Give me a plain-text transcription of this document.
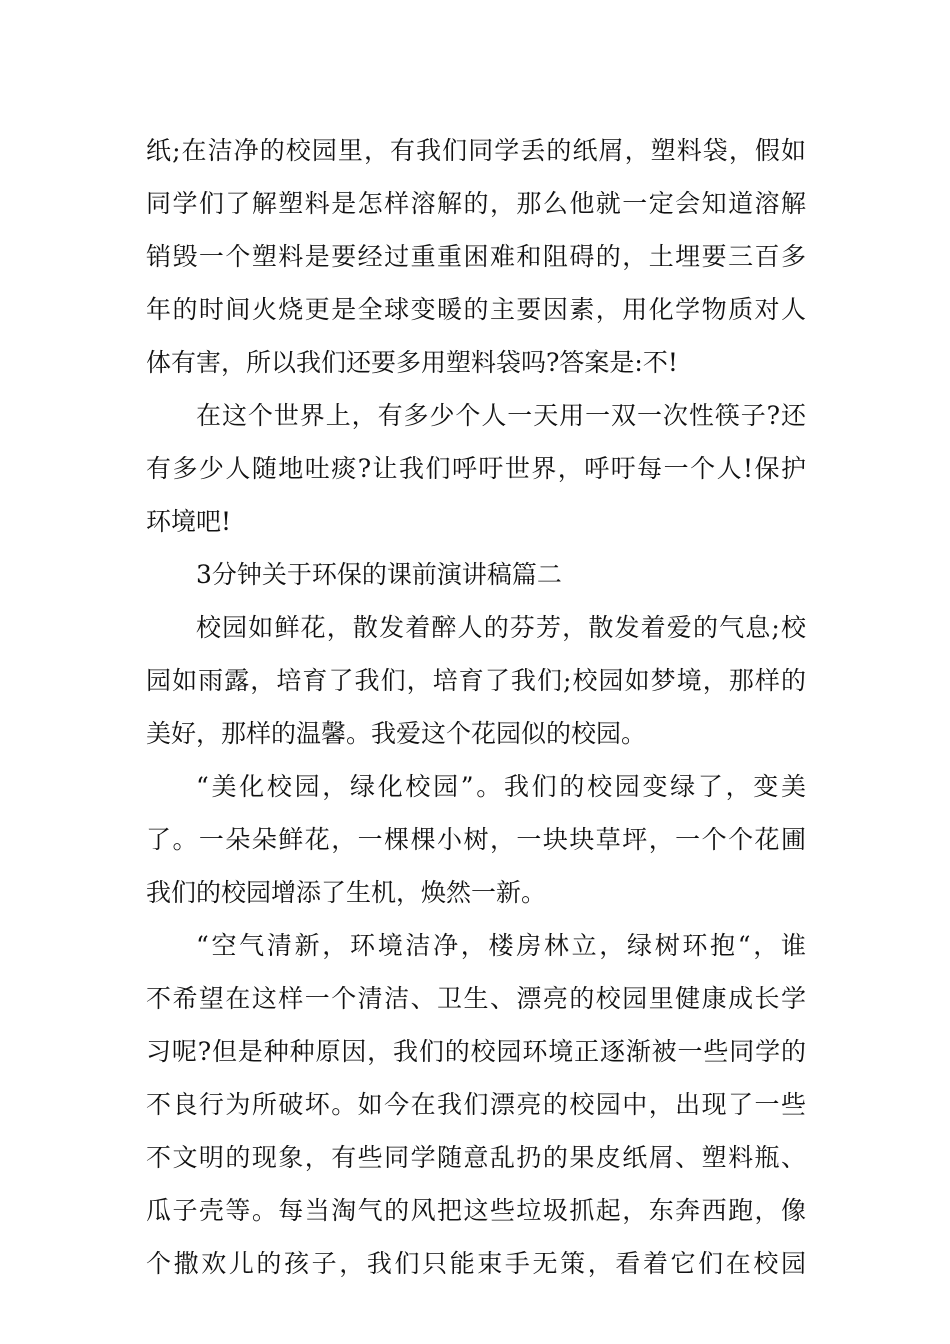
纸;在洁净的校园里，有我们同学丢的纸屑，塑料袋，假如
同学们了解塑料是怎样溶解的，那么他就一定会知道溶解
销毁一个塑料是要经过重重困难和阻碍的，土埋要三百多
年的时间火烧更是全球变暖的主要因素，用化学物质对人
体有害，所以我们还要多用塑料袋吗?答案是:不!
在这个世界上，有多少个人一天用一双一次性筷子?还
有多少人随地吐痰?让我们呼吁世界，呼吁每一个人!保护
环境吧!
3分钟关于环保的课前演讲稿篇二
校园如鲜花，散发着醉人的芬芳，散发着爱的气息;校
园如雨露，培育了我们，培育了我们;校园如梦境，那样的
美好，那样的温馨。我爱这个花园似的校园。
“美化校园，绿化校园”。我们的校园变绿了，变美
了。一朵朵鲜花，一棵棵小树，一块块草坪，一个个花圃
我们的校园增添了生机，焕然一新。
“空气清新，环境洁净，楼房林立，绿树环抱“，谁
不希望在这样一个清洁、卫生、漂亮的校园里健康成长学
习呢?但是种种原因，我们的校园环境正逐渐被一些同学的
不良行为所破坏。如今在我们漂亮的校园中，出现了一些
不文明的现象，有些同学随意乱扔的果皮纸屑、塑料瓶、
瓜子壳等。每当淘气的风把这些垃圾抓起，东奔西跑，像
个撒欢儿的孩子，我们只能束手无策，看着它们在校园
